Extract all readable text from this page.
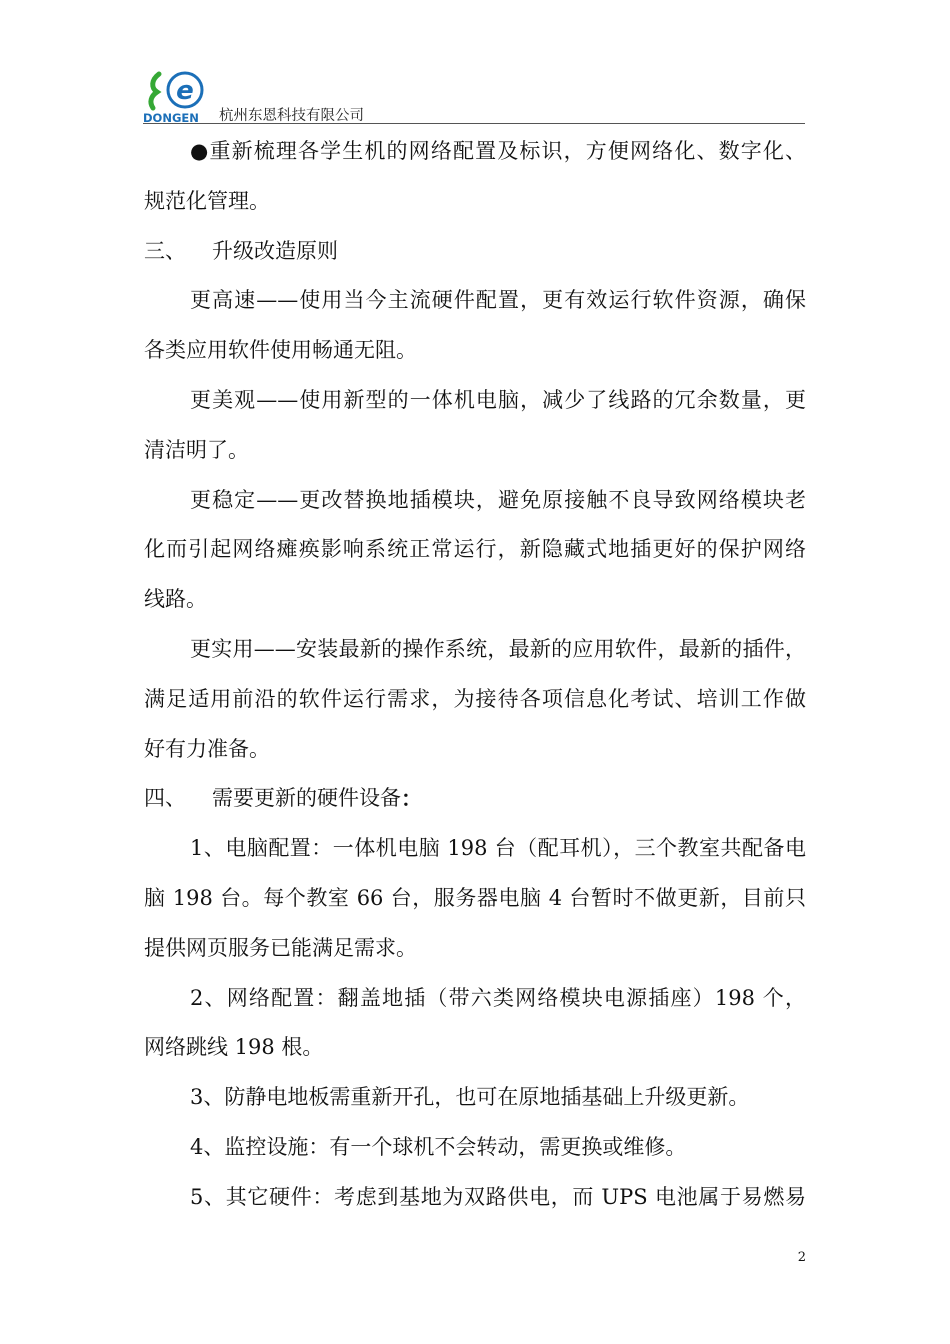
e
DONGEN 杭州东恩科技有限公司
●重新梳理各学生机的网络配置及标识，方便网络化、数字化、
规范化管理。
三、	升级改造原则
更高速——使用当今主流硬件配置，更有效运行软件资源，确保
各类应用软件使用畅通无阻。
更美观——使用新型的一体机电脑，减少了线路的冗余数量，更
清洁明了。
更稳定——更改替换地插模块，避免原接触不良导致网络模块老
化而引起网络瘫痪影响系统正常运行，新隐藏式地插更好的保护网络
线路。
更实用——安装最新的操作系统，最新的应用软件，最新的插件，
满足适用前沿的软件运行需求，为接待各项信息化考试、培训工作做
好有力准备。
四、	需要更新的硬件设备 ：
1、电脑配置：一体机电脑 198 台（配耳机），三个教室共配备电
脑 198 台。每个教室 66 台，服务器电脑 4 台暂时不做更新，目前只
提供网页服务已能满足需求。
2、网络配置：翻盖地插（带六类网络模块电源插座）198 个，
网络跳线 198 根。
3、防静电地板需重新开孔，也可在原地插基础上升级更新。
4、监控设施：有一个球机不会转动，需更换或维修。
5、其它硬件：考虑到基地为双路供电，而 UPS 电池属于易燃易
2
